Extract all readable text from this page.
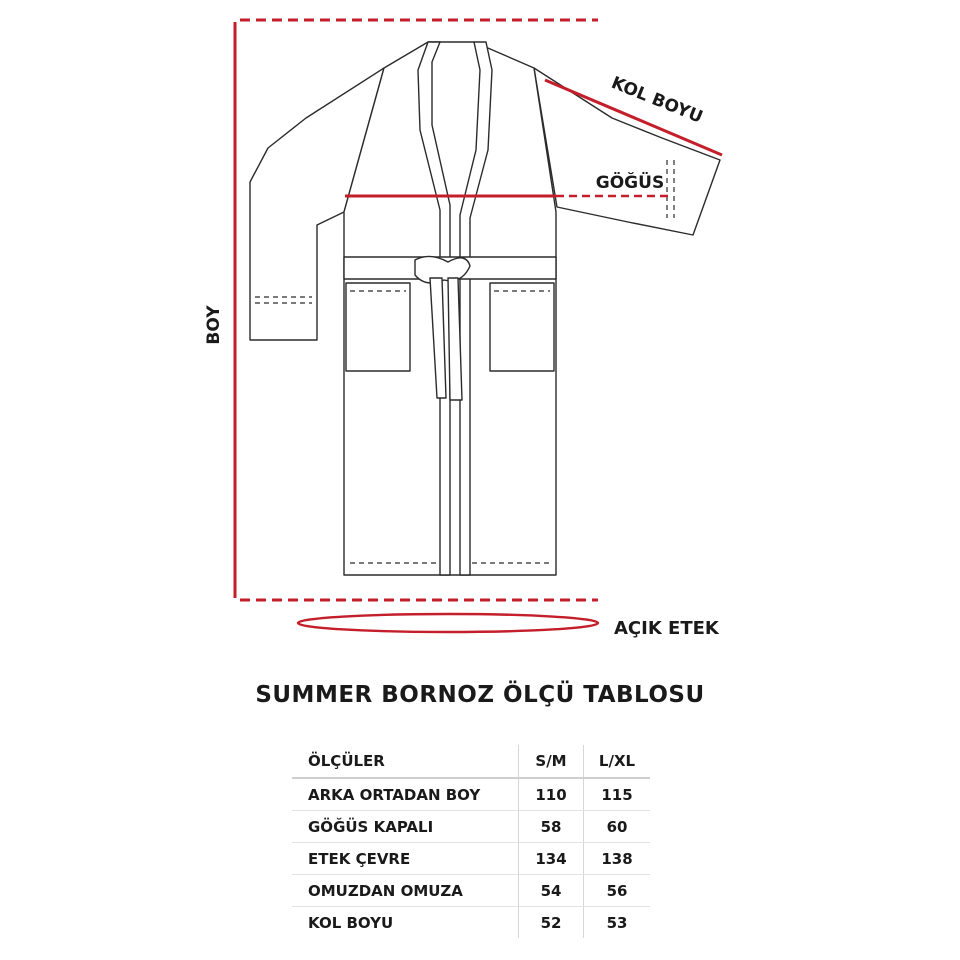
BOY
KOL BOYU
GÖĞÜS
AÇIK ETEK
SUMMER BORNOZ ÖLÇÜ TABLOSU
ÖLÇÜLER	S/M	L/XL
ARKA ORTADAN BOY	110	115
GÖĞÜS KAPALI	58	60
ETEK ÇEVRE	134	138
OMUZDAN OMUZA	54	56
KOL BOYU	52	53
